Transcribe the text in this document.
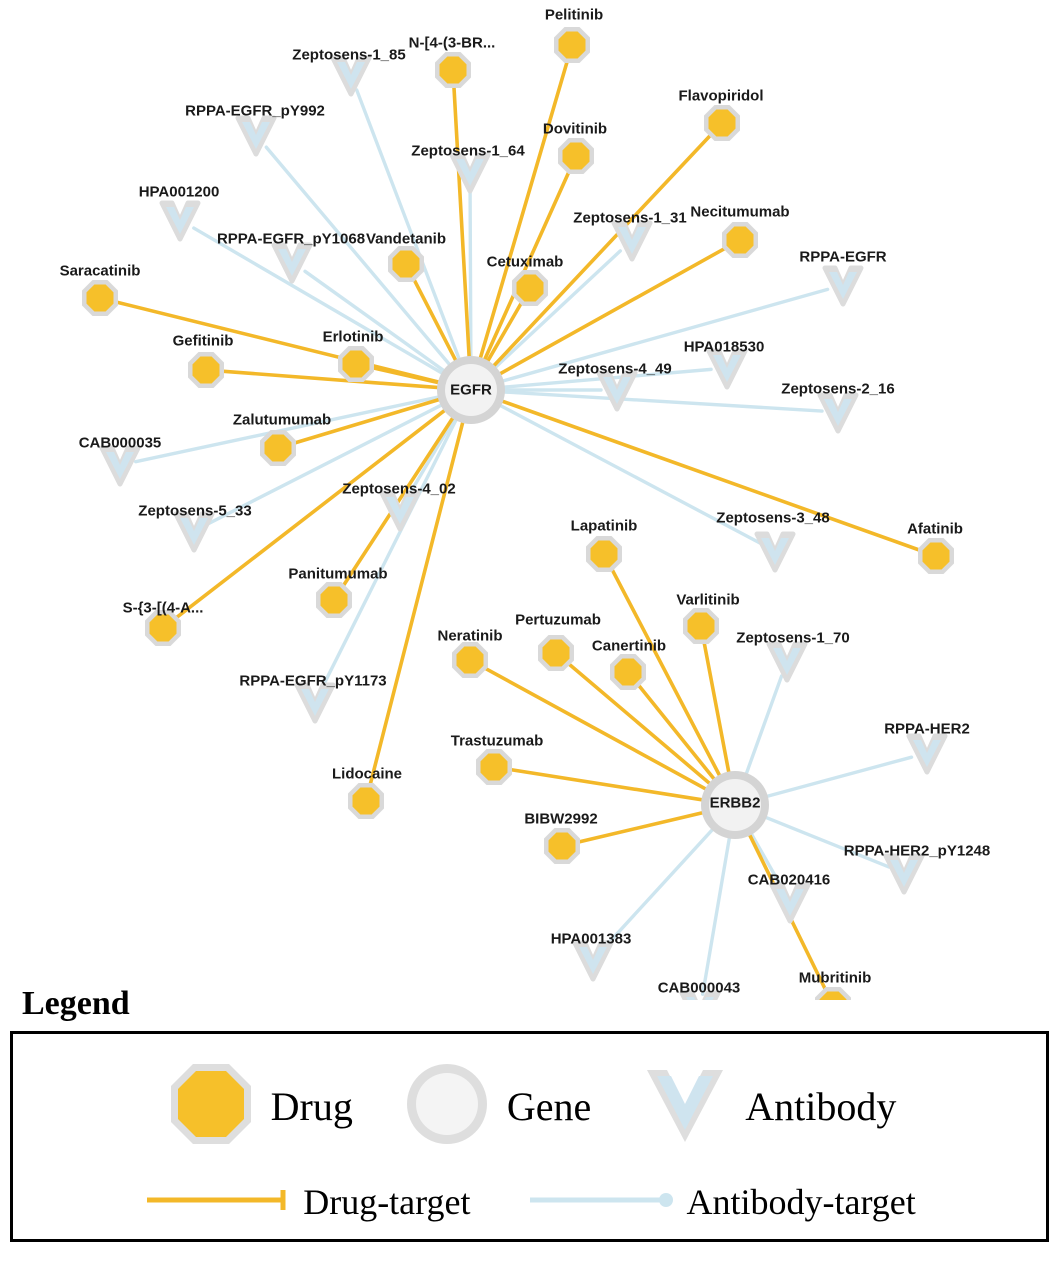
Zeptosens-1_85
RPPA-EGFR_pY992
Zeptosens-1_64
HPA001200
Zeptosens-1_31
RPPA-EGFR_pY1068
RPPA-EGFR
HPA018530
Zeptosens-4_49
Zeptosens-2_16
CAB000035
Zeptosens-4_02
Zeptosens-5_33	Zeptosens-3_48
Zeptosens-1_70
RPPA-EGFR_pY1173
RPPA-HER2
RPPA-HER2_pY1248
CAB020416
HPA001383
CAB000043
Pelitinib
N-[4-(3-BR...
Flavopiridol
Dovitinib
Necitumumab
Vandetanib
Cetuximab
Saracatinib
Gefitinib	Erlotinib
Zalutumumab
Afatinib
Lapatinib
Panitumumab
Varlitinib
S-{3-[(4-A...
Neratinib
Pertuzumab
Canertinib
Trastuzumab
Lidocaine
BIBW2992
Mubritinib
EGFR
ERBB2
Legend
Drug	Gene	Antibody
Drug-target	Antibody-target
